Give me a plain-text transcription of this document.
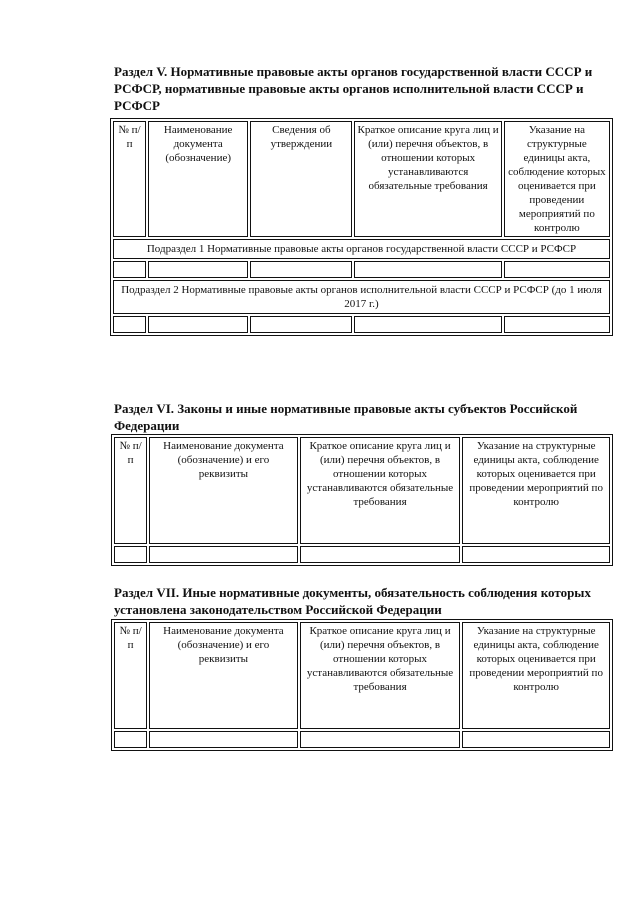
Раздел V. Нормативные правовые акты органов государственной власти СССР и РСФСР, нормативные правовые акты органов исполнительной власти СССР и РСФСР

№ п/п	Наименование документа (обозначение)	Сведения об утверждении	Краткое описание круга лиц и (или) перечня объектов, в отношении которых устанавливаются обязательные требования	Указание на структурные единицы акта, соблюдение которых оценивается при проведении мероприятий по контролю
Подраздел 1 Нормативные правовые акты органов государственной власти СССР и РСФСР				

Подраздел 2 Нормативные правовые акты органов исполнительной власти СССР и РСФСР (до 1 июля 2017 г.)				

Раздел VI. Законы и иные нормативные правовые акты субъектов Российской Федерации

№ п/п	Наименование документа (обозначение) и его реквизиты	Краткое описание круга лиц и (или) перечня объектов, в отношении которых устанавливаются обязательные требования	Указание на структурные единицы акта, соблюдение которых оценивается при проведении мероприятий по контролю

Раздел VII. Иные нормативные документы, обязательность соблюдения которых установлена законодательством Российской Федерации

№ п/п	Наименование документа (обозначение) и его реквизиты	Краткое описание круга лиц и (или) перечня объектов, в отношении которых устанавливаются обязательные требования	Указание на структурные единицы акта, соблюдение которых оценивается при проведении мероприятий по контролю
